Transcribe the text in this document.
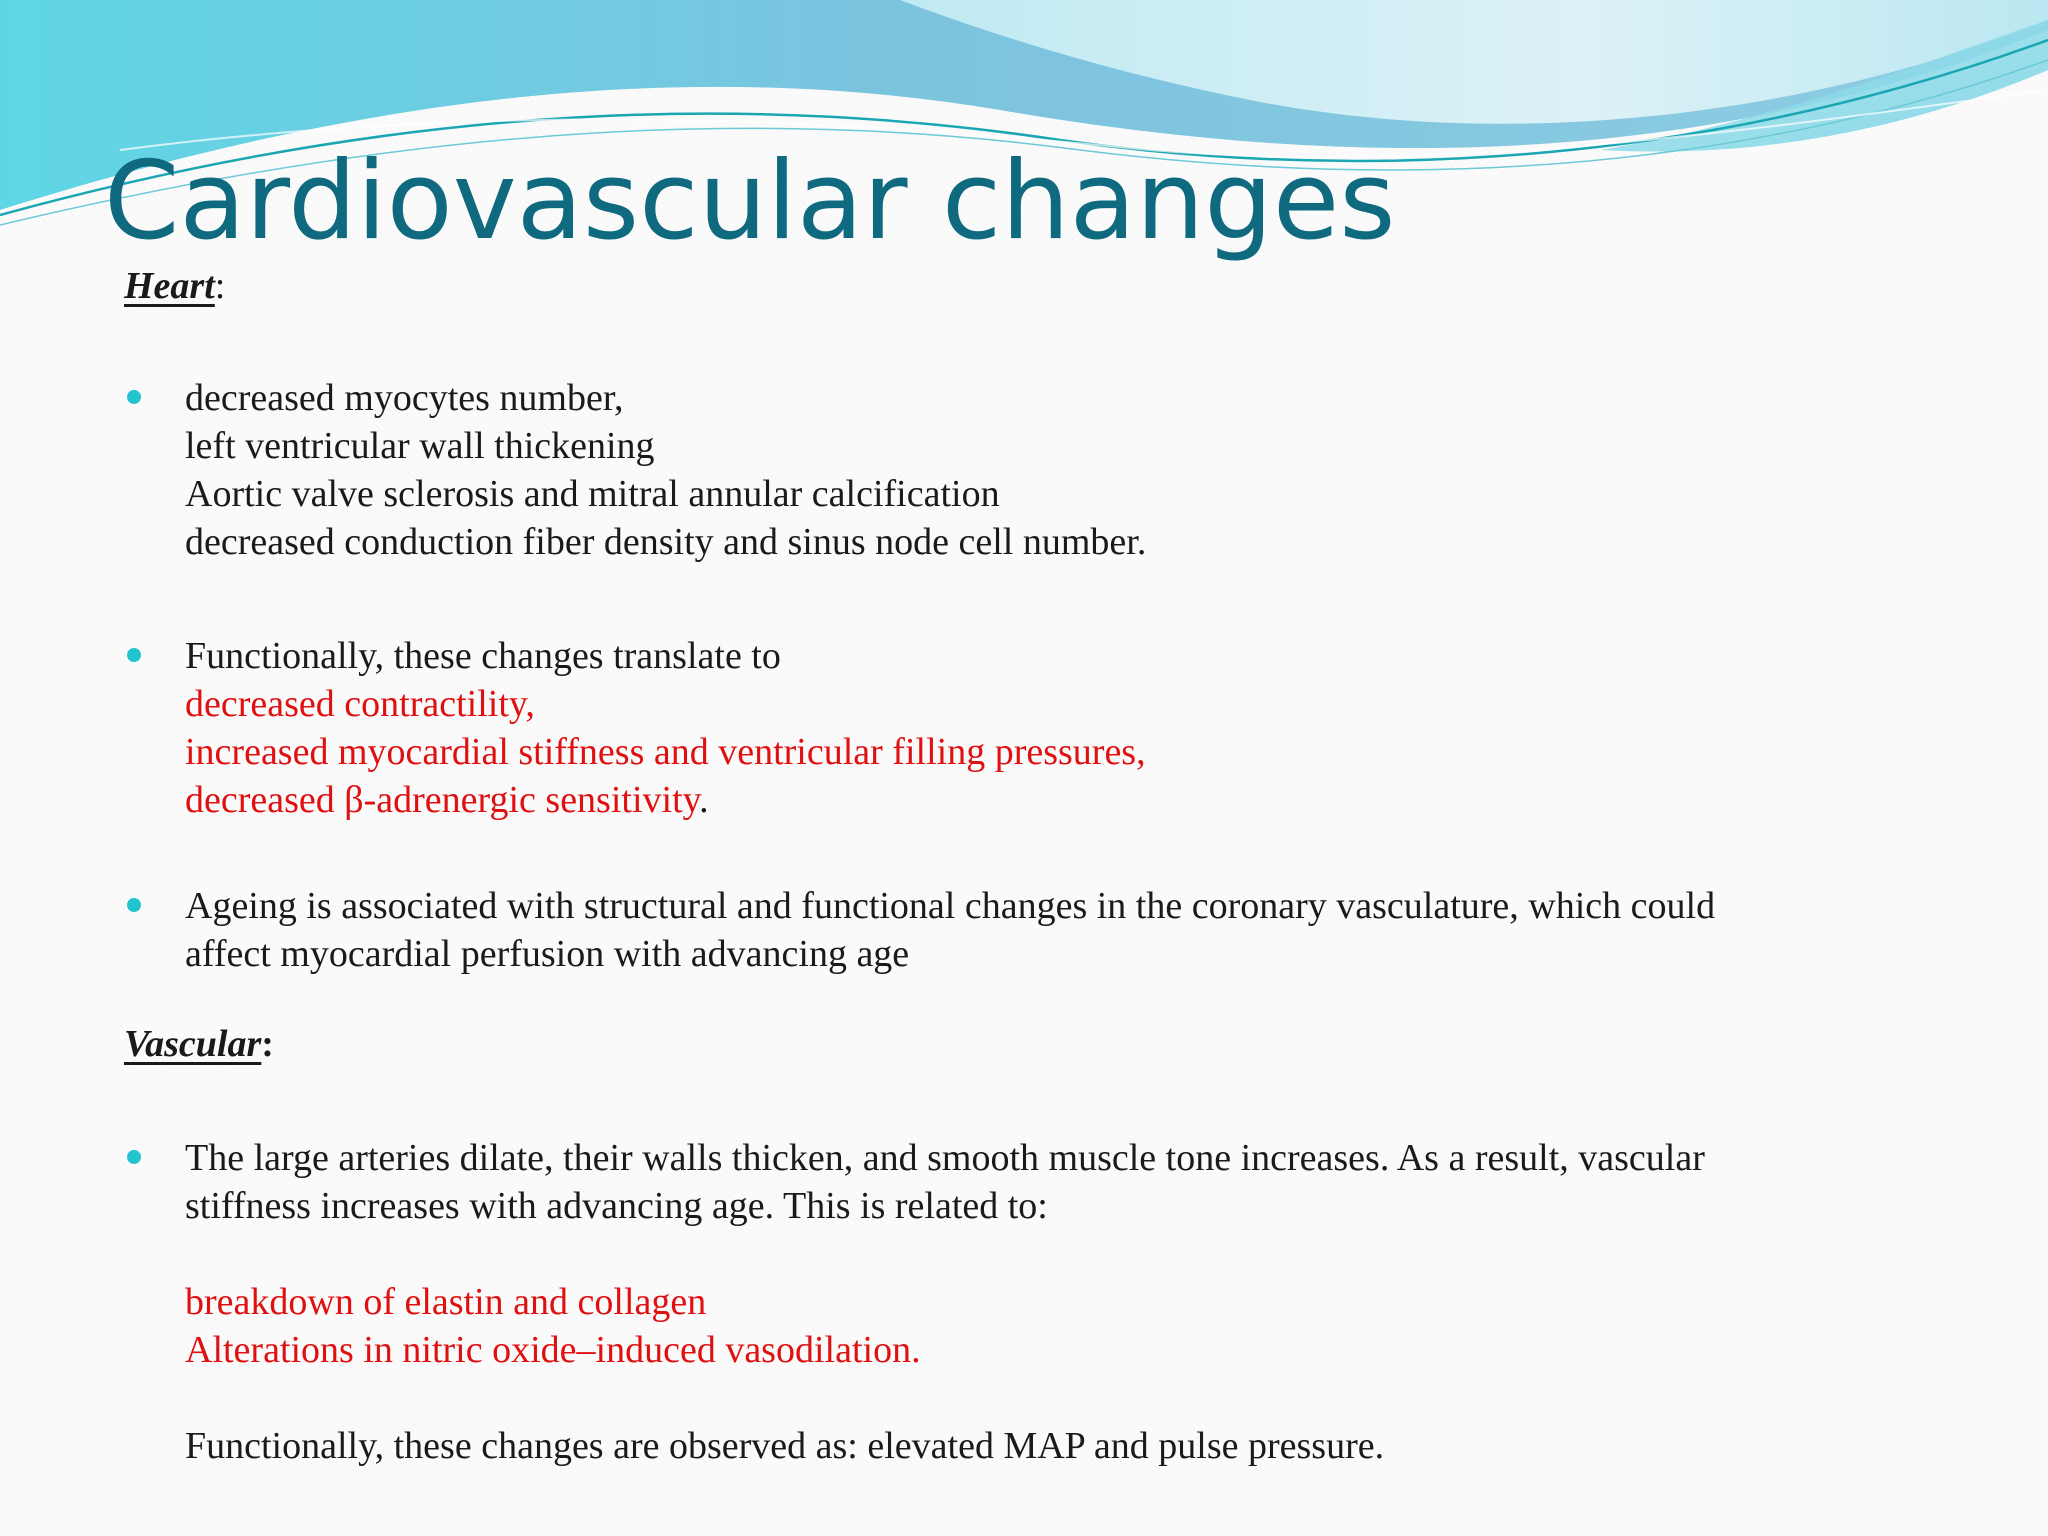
Cardiovascular changes
Heart:
decreased myocytes number,
left ventricular wall thickening
Aortic valve sclerosis and mitral annular calcification
decreased conduction fiber density and sinus node cell number.
Functionally, these changes translate to
decreased contractility,
increased myocardial stiffness and ventricular filling pressures,
decreased β-adrenergic sensitivity.
Ageing is associated with structural and functional changes in the coronary vasculature, which could
affect myocardial perfusion with advancing age
Vascular:
The large arteries dilate, their walls thicken, and smooth muscle tone increases. As a result, vascular
stiffness increases with advancing age. This is related to:
breakdown of elastin and collagen
Alterations in nitric oxide–induced vasodilation.
Functionally, these changes are observed as: elevated MAP and pulse pressure.
